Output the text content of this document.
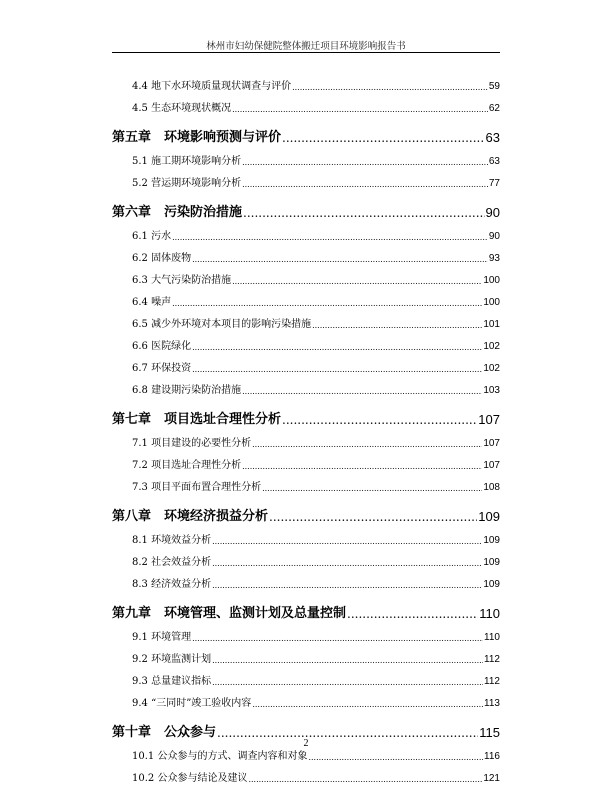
林州市妇幼保健院整体搬迁项目环境影响报告书
4.4 地下水环境质量现状调查与评价 .....	59
4.5 生态环境现状概况 .....	62
第五章　环境影响预测与评价 .....	63
5.1 施工期环境影响分析 .....	63
5.2 营运期环境影响分析 .....	77
第六章　污染防治措施 .....	90
6.1 污水 .....	90
6.2 固体废物 .....	93
6.3 大气污染防治措施 .....	100
6.4 噪声 .....	100
6.5 减少外环境对本项目的影响污染措施 .....	101
6.6 医院绿化 .....	102
6.7 环保投资 .....	102
6.8 建设期污染防治措施 .....	103
第七章　项目选址合理性分析 .....	107
7.1 项目建设的必要性分析 .....	107
7.2 项目选址合理性分析 .....	107
7.3 项目平面布置合理性分析 .....	108
第八章　环境经济损益分析 .....	109
8.1 环境效益分析 .....	109
8.2 社会效益分析 .....	109
8.3 经济效益分析 .....	109
第九章　环境管理、监测计划及总量控制 .....	110
9.1 环境管理 .....	110
9.2 环境监测计划 .....	112
9.3 总量建议指标 .....	112
9.4 “三同时”竣工验收内容 .....	113
第十章　公众参与 .....	115
10.1 公众参与的方式、调查内容和对象 .....	116
10.2 公众参与结论及建议 .....	121
2
